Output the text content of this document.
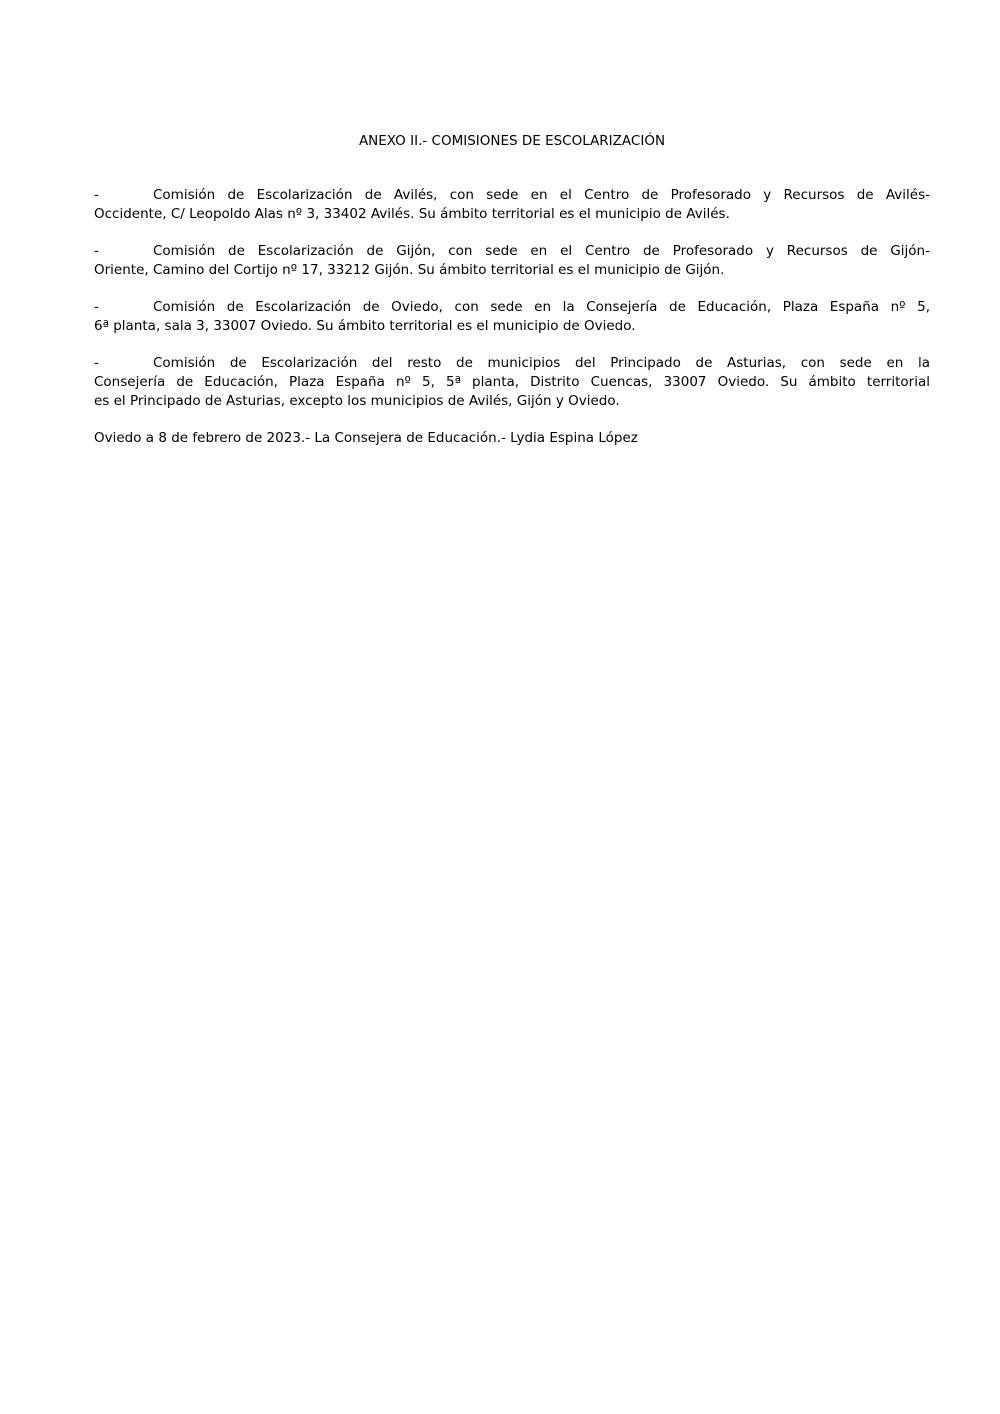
ANEXO II.- COMISIONES DE ESCOLARIZACIÓN
-	Comisión de Escolarización de Avilés, con sede en el Centro de Profesorado y Recursos de Avilés-
Occidente, C/ Leopoldo Alas nº 3, 33402 Avilés. Su ámbito territorial es el municipio de Avilés.
-	Comisión de Escolarización de Gijón, con sede en el Centro de Profesorado y Recursos de Gijón-
Oriente, Camino del Cortijo nº 17, 33212 Gijón. Su ámbito territorial es el municipio de Gijón.
-	Comisión de Escolarización de Oviedo, con sede en la Consejería de Educación, Plaza España nº 5,
6ª planta, sala 3, 33007 Oviedo. Su ámbito territorial es el municipio de Oviedo.
-	Comisión de Escolarización del resto de municipios del Principado de Asturias, con sede en la
Consejería de Educación, Plaza España nº 5, 5ª planta, Distrito Cuencas, 33007 Oviedo. Su ámbito territorial
es el Principado de Asturias, excepto los municipios de Avilés, Gijón y Oviedo.
Oviedo a 8 de febrero de 2023.- La Consejera de Educación.- Lydia Espina López
